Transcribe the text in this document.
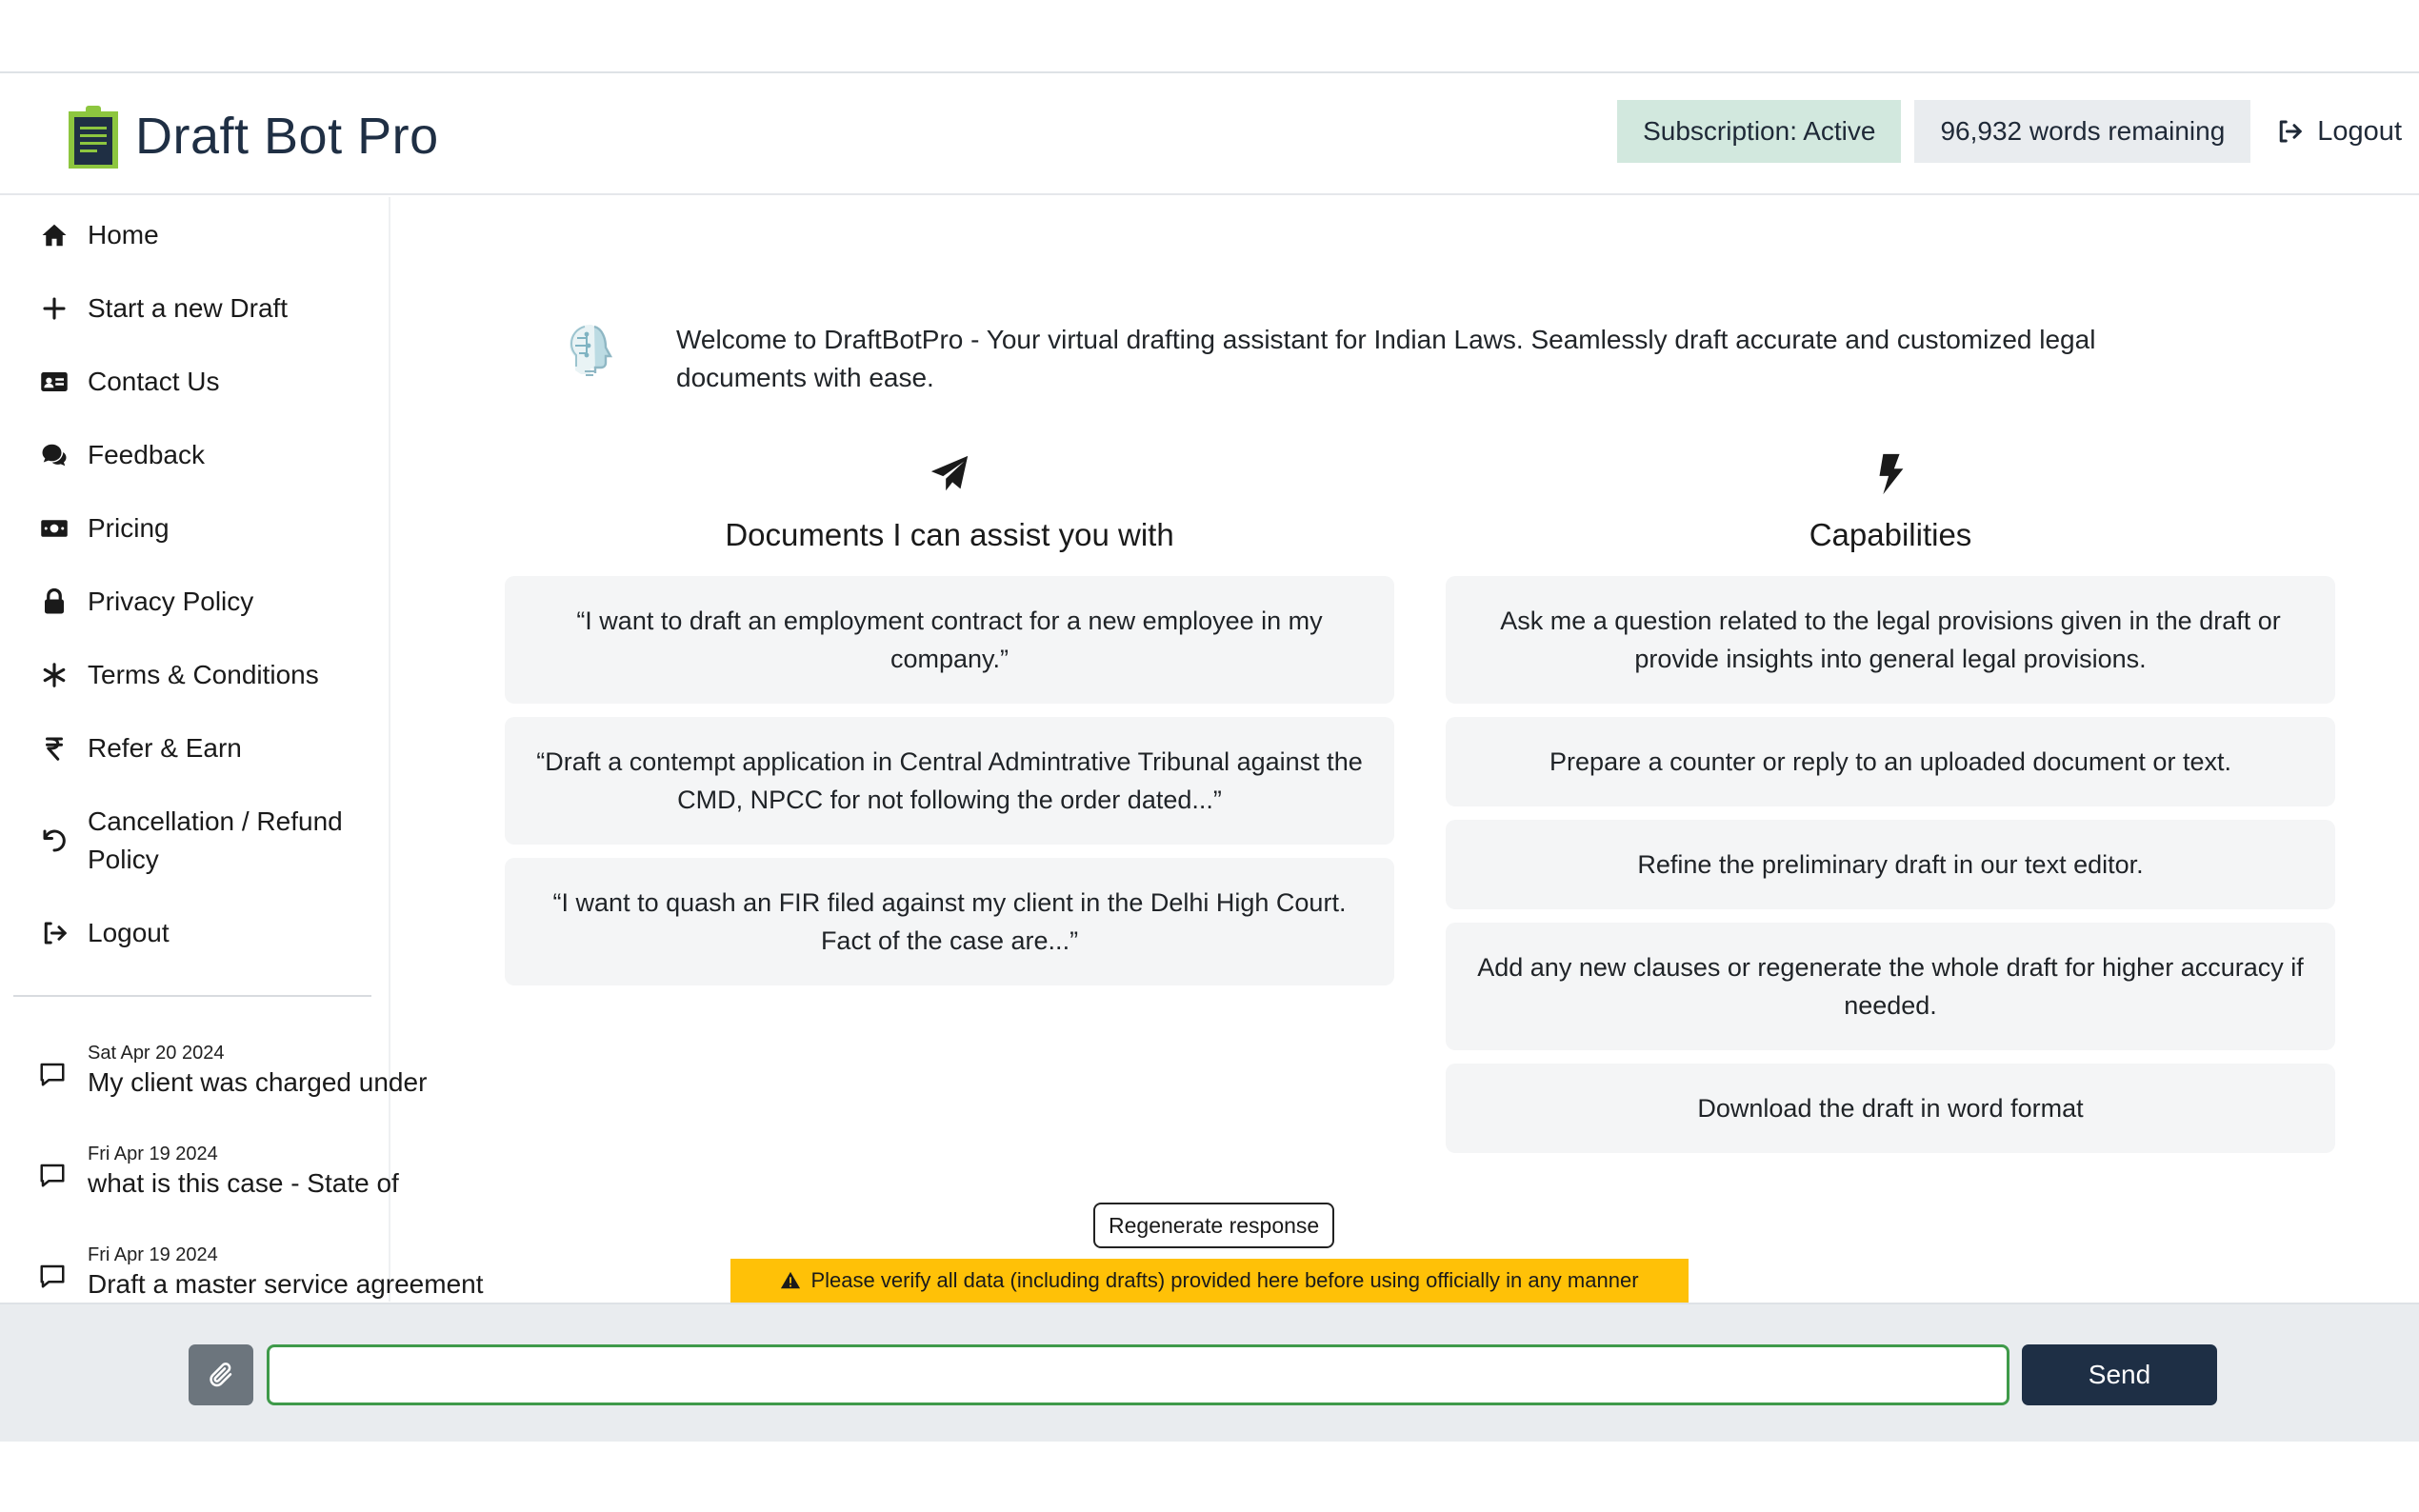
Draft Bot Pro	Subscription: Active	96,932 words remaining	Logout
Home
Start a new Draft
Contact Us
Feedback
Pricing
Privacy Policy
Terms & Conditions
Refer & Earn
Cancellation / Refund Policy
Logout
Sat Apr 20 2024
My client was charged under
Fri Apr 19 2024
what is this case - State of
Fri Apr 19 2024
Draft a master service agreement
Welcome to DraftBotPro - Your virtual drafting assistant for Indian Laws. Seamlessly draft accurate and customized legal documents with ease.
Documents I can assist you with
“I want to draft an employment contract for a new employee in my company.”
“Draft a contempt application in Central Admintrative Tribunal against the CMD, NPCC for not following the order dated...”
“I want to quash an FIR filed against my client in the Delhi High Court. Fact of the case are...”
Capabilities
Ask me a question related to the legal provisions given in the draft or provide insights into general legal provisions.
Prepare a counter or reply to an uploaded document or text.
Refine the preliminary draft in our text editor.
Add any new clauses or regenerate the whole draft for higher accuracy if needed.
Download the draft in word format
Regenerate response
Please verify all data (including drafts) provided here before using officially in any manner
Send
